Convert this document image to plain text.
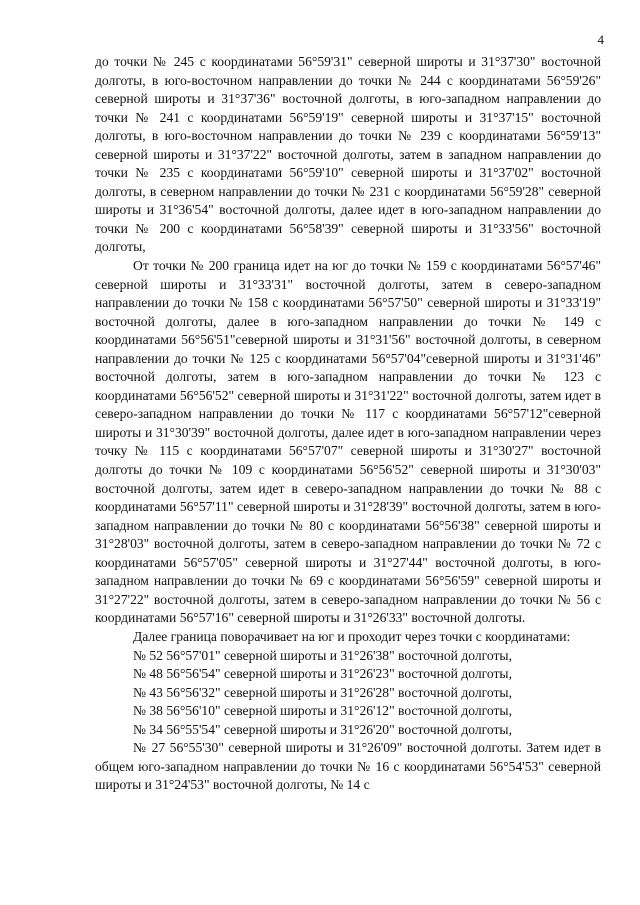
4

до точки № 245 с координатами 56°59'31" северной широты и 31°37'30" восточной долготы, в юго-восточном направлении до точки № 244 с координатами 56°59'26" северной широты и 31°37'36" восточной долготы, в юго-западном направлении до точки № 241 с координатами 56°59'19" северной широты и 31°37'15" восточной долготы, в юго-восточном направлении до точки № 239 с координатами 56°59'13" северной широты и 31°37'22" восточной долготы, затем в западном направлении до точки № 235 с координатами 56°59'10" северной широты и 31°37'02" восточной долготы, в северном направлении до точки № 231 с координатами 56°59'28" северной широты и 31°36'54" восточной долготы, далее идет в юго-западном направлении до точки № 200 с координатами 56°58'39" северной широты и 31°33'56" восточной долготы,

От точки № 200 граница идет на юг до точки № 159 с координатами 56°57'46" северной широты и 31°33'31" восточной долготы, затем в северо-западном направлении до точки № 158 с координатами 56°57'50" северной широты и 31°33'19" восточной долготы, далее в юго-западном направлении до точки № 149 с координатами 56°56'51"северной широты и 31°31'56" восточной долготы, в северном направлении до точки № 125 с координатами 56°57'04"северной широты и 31°31'46" восточной долготы, затем в юго-западном направлении до точки № 123 с координатами 56°56'52" северной широты и 31°31'22" восточной долготы, затем идет в северо-западном направлении до точки № 117 с координатами 56°57'12"северной широты и 31°30'39" восточной долготы, далее идет в юго-западном направлении через точку № 115 с координатами 56°57'07" северной широты и 31°30'27" восточной долготы до точки № 109 с координатами 56°56'52" северной широты и 31°30'03" восточной долготы, затем идет в северо-западном направлении до точки № 88 с координатами 56°57'11" северной широты и 31°28'39" восточной долготы, затем в юго-западном направлении до точки № 80 с координатами 56°56'38" северной широты и 31°28'03" восточной долготы, затем в северо-западном направлении до точки № 72 с координатами 56°57'05" северной широты и 31°27'44" восточной долготы, в юго-западном направлении до точки № 69 с координатами 56°56'59" северной широты и 31°27'22" восточной долготы, затем в северо-западном направлении до точки № 56 с координатами 56°57'16" северной широты и 31°26'33" восточной долготы.

Далее граница поворачивает на юг и проходит через точки с координатами:

№ 52 56°57'01" северной широты и 31°26'38" восточной долготы,

№ 48 56°56'54" северной широты и 31°26'23" восточной долготы,

№ 43 56°56'32" северной широты и 31°26'28" восточной долготы,

№ 38 56°56'10" северной широты и 31°26'12" восточной долготы,

№ 34 56°55'54" северной широты и 31°26'20" восточной долготы,

№ 27 56°55'30" северной широты и 31°26'09" восточной долготы. Затем идет в общем юго-западном направлении до точки № 16 с координатами 56°54'53" северной широты и 31°24'53" восточной долготы, № 14 с
